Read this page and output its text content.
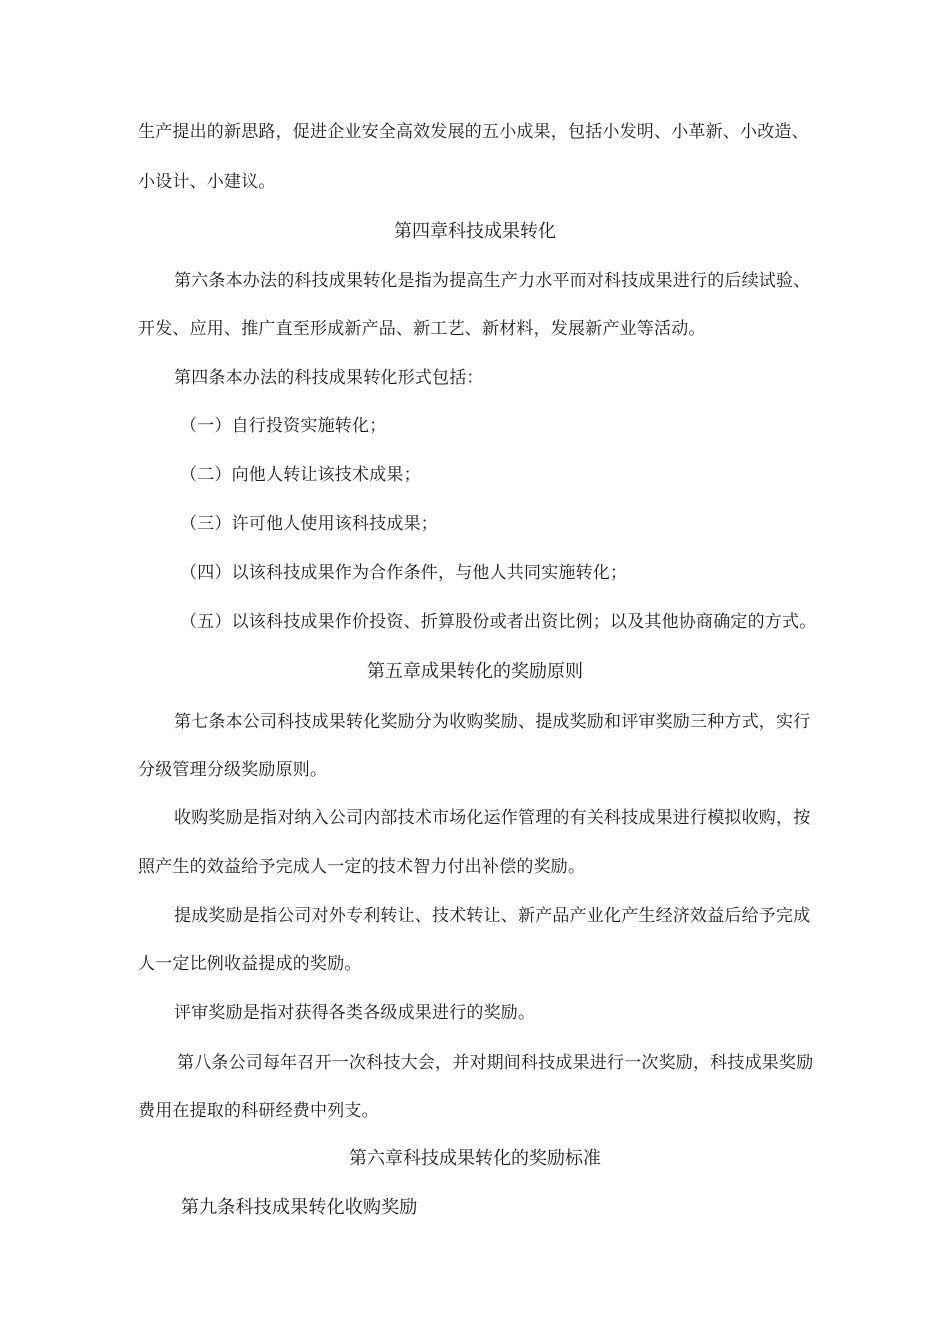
生产提出的新思路，促进企业安全高效发展的五小成果，包括小发明、小革新、小改造、
小设计、小建议。
第四章科技成果转化
第六条本办法的科技成果转化是指为提高生产力水平而对科技成果进行的后续试验、
开发、应用、推广直至形成新产品、新工艺、新材料，发展新产业等活动。
第四条本办法的科技成果转化形式包括：
（一）自行投资实施转化；
（二）向他人转让该技术成果；
（三）许可他人使用该科技成果；
（四）以该科技成果作为合作条件，与他人共同实施转化；
（五）以该科技成果作价投资、折算股份或者出资比例；以及其他协商确定的方式。
第五章成果转化的奖励原则
第七条本公司科技成果转化奖励分为收购奖励、提成奖励和评审奖励三种方式，实行
分级管理分级奖励原则。
收购奖励是指对纳入公司内部技术市场化运作管理的有关科技成果进行模拟收购，按
照产生的效益给予完成人一定的技术智力付出补偿的奖励。
提成奖励是指公司对外专利转让、技术转让、新产品产业化产生经济效益后给予完成
人一定比例收益提成的奖励。
评审奖励是指对获得各类各级成果进行的奖励。
第八条公司每年召开一次科技大会，并对期间科技成果进行一次奖励，科技成果奖励
费用在提取的科研经费中列支。
第六章科技成果转化的奖励标准
第九条科技成果转化收购奖励
